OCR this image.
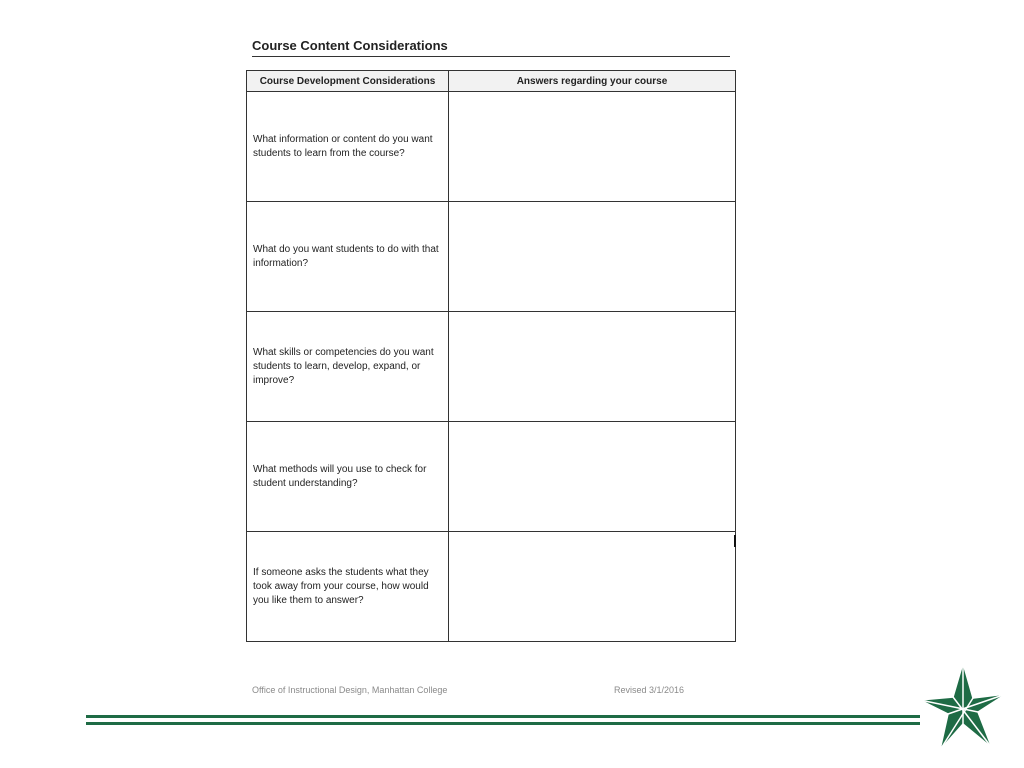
Course Content Considerations
Course Development Considerations	Answers regarding your course
What information or content do you want students to learn from the course?	
What do you want students to do with that information?	
What skills or competencies do you want students to learn, develop, expand, or improve?	
What methods will you use to check for student understanding?	
If someone asks the students what they took away from your course, how would you like them to answer?	
Office of Instructional Design, Manhattan College	Revised 3/1/2016
